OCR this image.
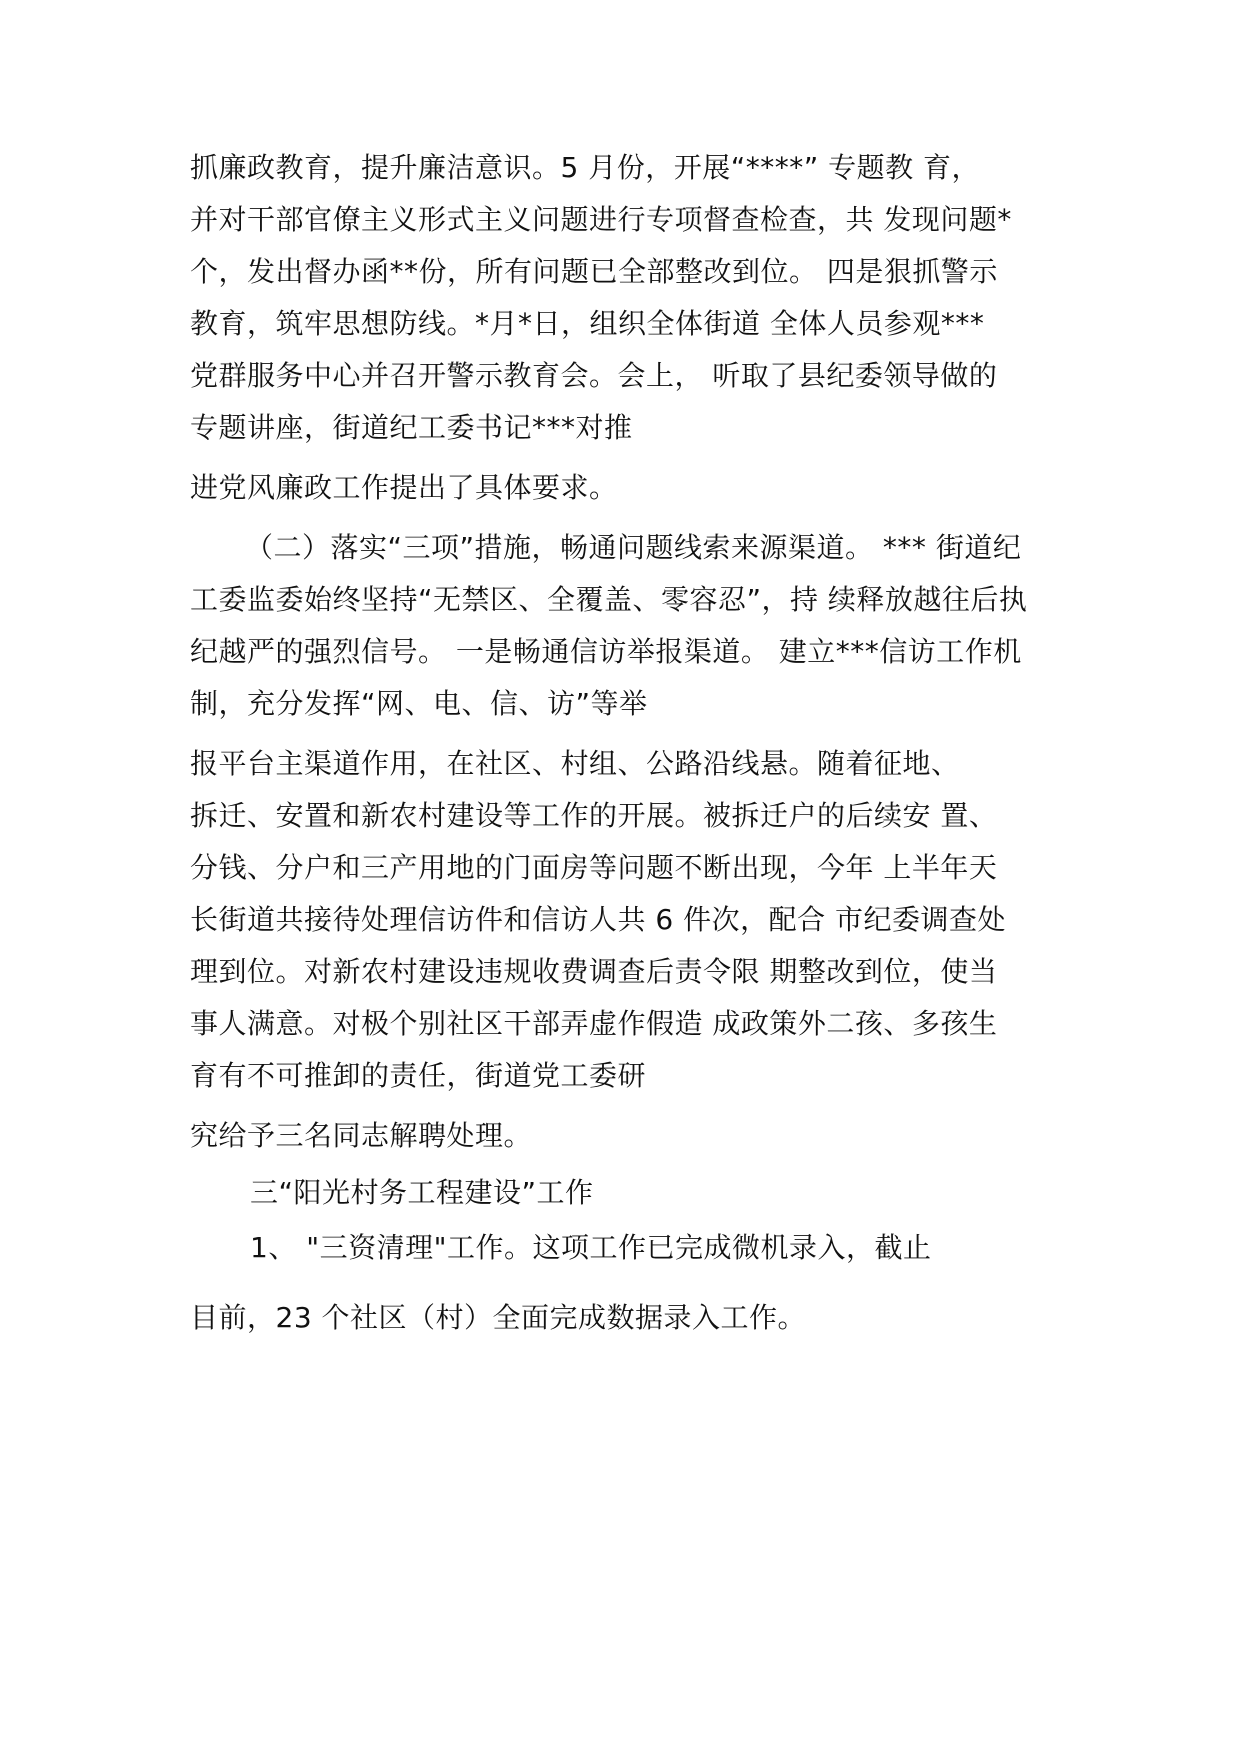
抓廉政教育，提升廉洁意识。5 月份，开展“****” 专题教 育，
并对干部官僚主义形式主义问题进行专项督查检查，共 发现问题*
个，发出督办函**份，所有问题已全部整改到位。 四是狠抓警示
教育，筑牢思想防线。*月*日，组织全体街道 全体人员参观***
党群服务中心并召开警示教育会。会上， 听取了县纪委领导做的
专题讲座，街道纪工委书记***对推
进党风廉政工作提出了具体要求。
（二）落实“三项”措施，畅通问题线索来源渠道。 *** 街道纪
工委监委始终坚持“无禁区、全覆盖、零容忍”，持 续释放越往后执
纪越严的强烈信号。 一是畅通信访举报渠道。 建立***信访工作机
制，充分发挥“网、电、信、访”等举
报平台主渠道作用，在社区、村组、公路沿线悬。随着征地、
拆迁、安置和新农村建设等工作的开展。被拆迁户的后续安 置、
分钱、分户和三产用地的门面房等问题不断出现，今年 上半年天
长街道共接待处理信访件和信访人共 6 件次，配合 市纪委调查处
理到位。对新农村建设违规收费调查后责令限 期整改到位，使当
事人满意。对极个别社区干部弄虚作假造 成政策外二孩、多孩生
育有不可推卸的责任，街道党工委研
究给予三名同志解聘处理。
三“阳光村务工程建设”工作
1、 "三资清理"工作。这项工作已完成微机录入，截止
目前，23 个社区（村）全面完成数据录入工作。
